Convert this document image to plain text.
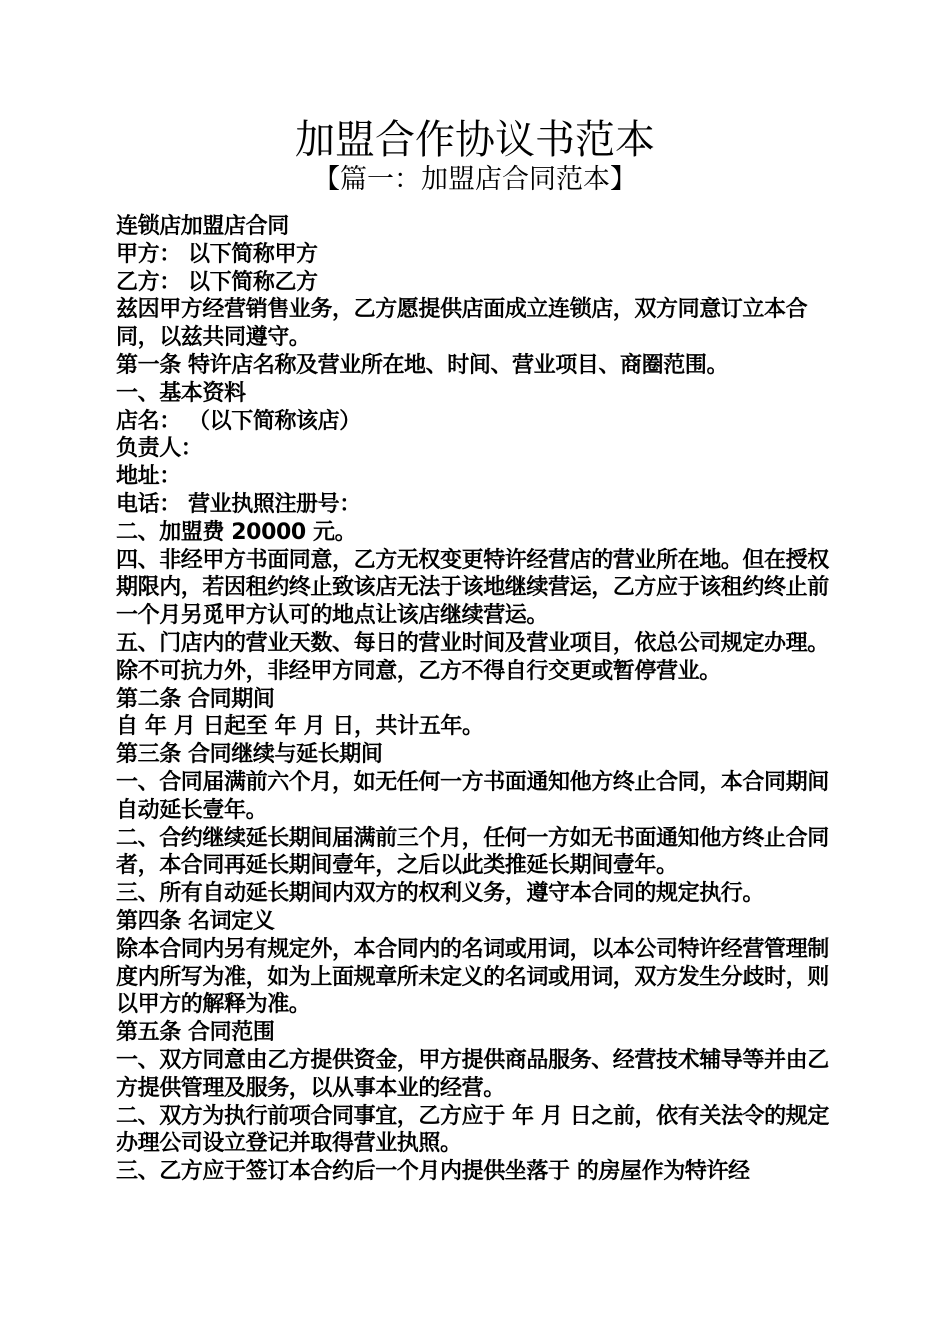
加盟合作协议书范本
【篇一：加盟店合同范本】

连锁店加盟店合同

甲方： 以下简称甲方

乙方： 以下简称乙方

兹因甲方经营销售业务，乙方愿提供店面成立连锁店，双方同意订立本合同，以兹共同遵守。

第一条 特许店名称及营业所在地、时间、营业项目、商圈范围。

一、基本资料

店名： （以下简称该店）

负责人：

地址：

电话： 营业执照注册号：

二、加盟费 20000 元。

四、非经甲方书面同意，乙方无权变更特许经营店的营业所在地。但在授权期限内，若因租约终止致该店无法于该地继续营运，乙方应于该租约终止前一个月另觅甲方认可的地点让该店继续营运。

五、门店内的营业天数、每日的营业时间及营业项目，依总公司规定办理。除不可抗力外，非经甲方同意，乙方不得自行交更或暂停营业。

第二条 合同期间

自 年 月 日起至 年 月 日，共计五年。

第三条 合同继续与延长期间

一、合同届满前六个月，如无任何一方书面通知他方终止合同，本合同期间自动延长壹年。

二、合约继续延长期间届满前三个月，任何一方如无书面通知他方终止合同者，本合同再延长期间壹年，之后以此类推延长期间壹年。

三、所有自动延长期间内双方的权利义务，遵守本合同的规定执行。

第四条 名词定义

除本合同内另有规定外，本合同内的名词或用词，以本公司特许经营管理制度内所写为准，如为上面规章所未定义的名词或用词，双方发生分歧时，则以甲方的解释为准。

第五条 合同范围

一、双方同意由乙方提供资金，甲方提供商品服务、经营技术辅导等并由乙 方提供管理及服务，以从事本业的经营。

二、双方为执行前项合同事宜，乙方应于 年 月 日之前，依有关法令的规定办理公司设立登记并取得营业执照。

三、乙方应于签订本合约后一个月内提供坐落于 的房屋作为特许经
